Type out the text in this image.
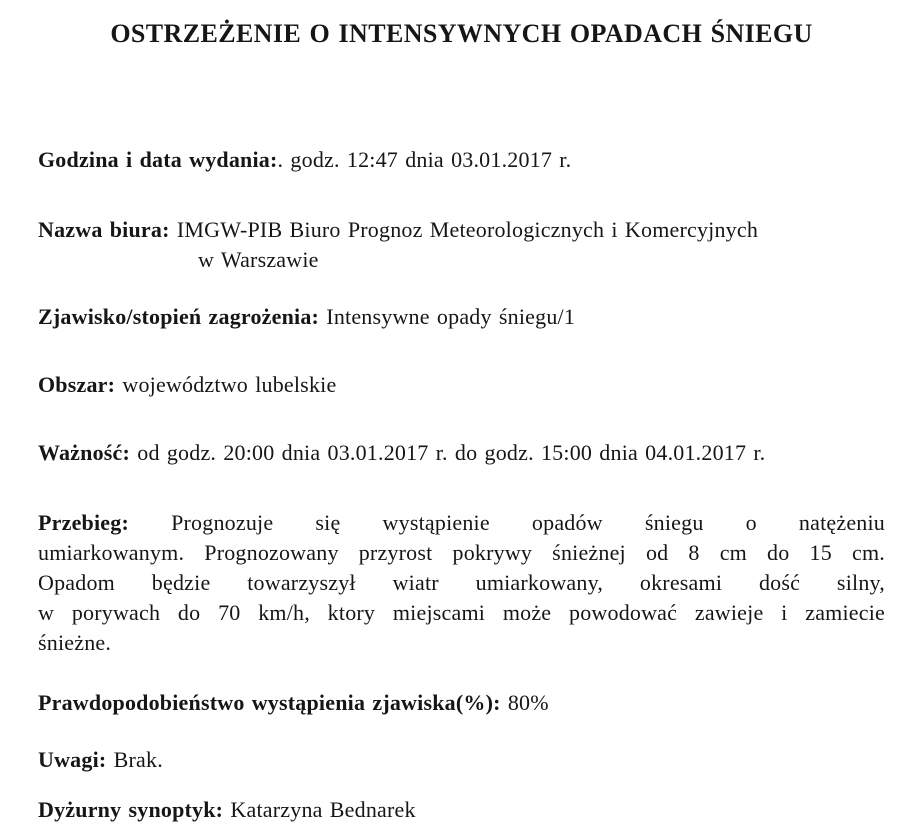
OSTRZEŻENIE O INTENSYWNYCH OPADACH ŚNIEGU

Godzina i data wydania:. godz. 12:47 dnia 03.01.2017 r.

Nazwa biura: IMGW-PIB Biuro Prognoz Meteorologicznych i Komercyjnych
w Warszawie

Zjawisko/stopień zagrożenia: Intensywne opady śniegu/1

Obszar: województwo lubelskie

Ważność: od godz. 20:00 dnia 03.01.2017 r. do godz. 15:00 dnia 04.01.2017 r.

Przebieg: Prognozuje się wystąpienie opadów śniegu o natężeniu
umiarkowanym. Prognozowany przyrost pokrywy śnieżnej od 8 cm do 15 cm.
Opadom będzie towarzyszył wiatr umiarkowany, okresami dość silny,
w porywach do 70 km/h, ktory miejscami może powodować zawieje i zamiecie
śnieżne.

Prawdopodobieństwo wystąpienia zjawiska(%): 80%

Uwagi: Brak.

Dyżurny synoptyk: Katarzyna Bednarek
